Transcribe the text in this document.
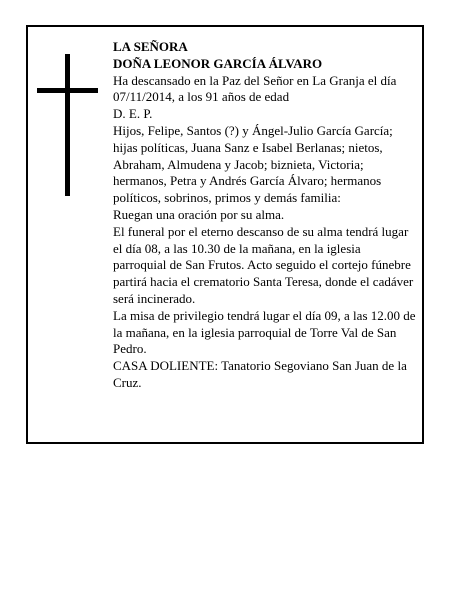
LA SEÑORA

DOÑA LEONOR GARCÍA ÁLVARO

Ha descansado en la Paz del Señor en La Granja el día 07/11/2014, a los 91 años de edad

D. E. P.

Hijos, Felipe, Santos (?) y Ángel-Julio García García; hijas políticas, Juana Sanz e Isabel Berlanas; nietos, Abraham, Almudena y Jacob; biznieta, Victoria; hermanos, Petra y Andrés García Álvaro; hermanos políticos, sobrinos, primos y demás familia:

Ruegan una oración por su alma.

El funeral por el eterno descanso de su alma tendrá lugar el día 08, a las 10.30 de la mañana, en la iglesia parroquial de San Frutos. Acto seguido el cortejo fúnebre partirá hacia el crematorio Santa Teresa, donde el cadáver será incinerado.

La misa de privilegio tendrá lugar el día 09, a las 12.00 de la mañana, en la iglesia parroquial de Torre Val de San Pedro.

CASA DOLIENTE: Tanatorio Segoviano San Juan de la Cruz.
